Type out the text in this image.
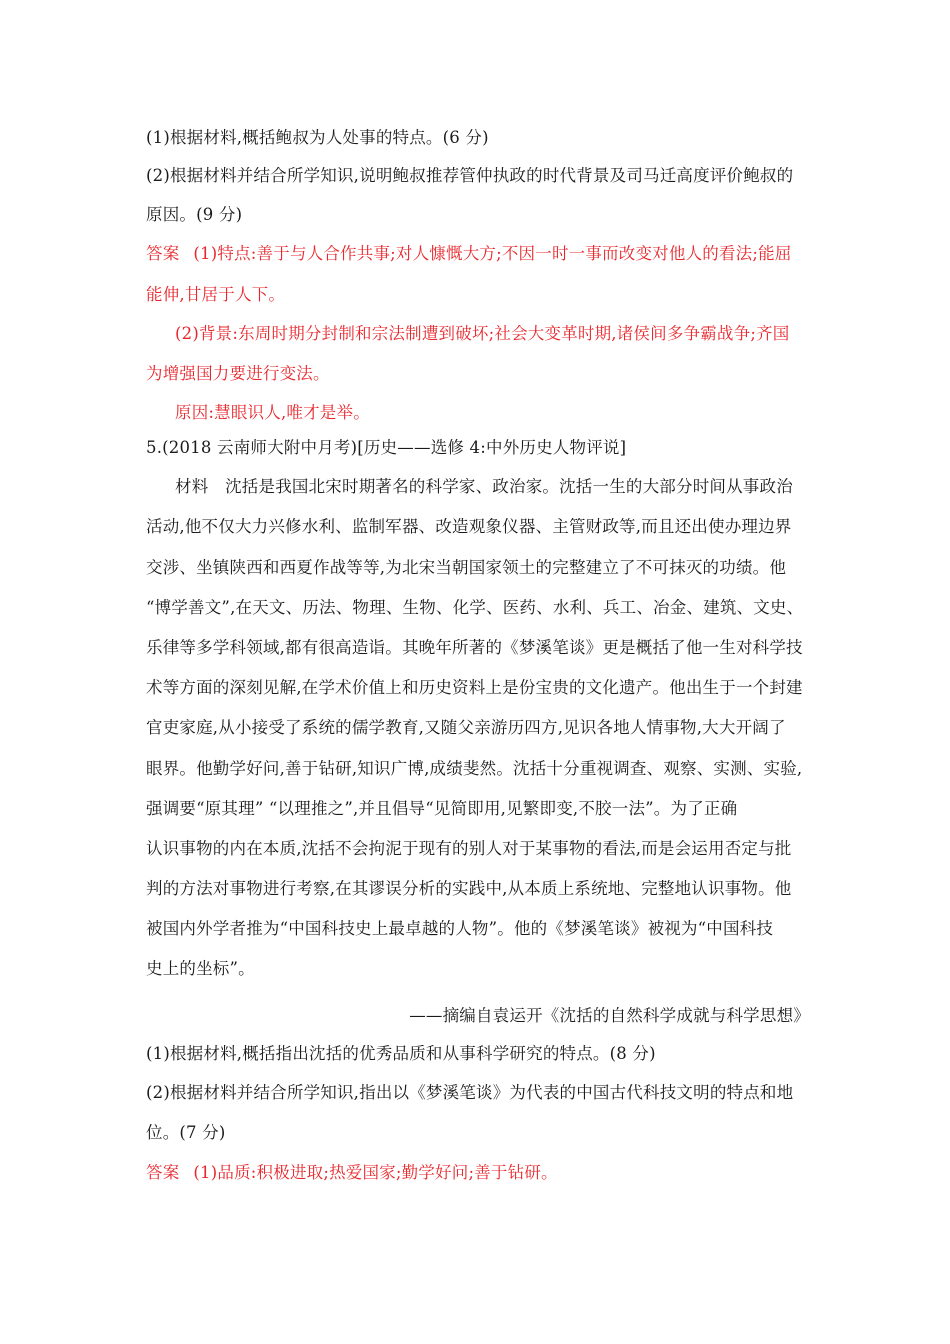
(1)根据材料,概括鲍叔为人处事的特点。(6 分)
(2)根据材料并结合所学知识,说明鲍叔推荐管仲执政的时代背景及司马迁高度评价鲍叔的
原因。(9 分)
答案 (1)特点:善于与人合作共事;对人慷慨大方;不因一时一事而改变对他人的看法;能屈
能伸,甘居于人下。
(2)背景:东周时期分封制和宗法制遭到破坏;社会大变革时期,诸侯间多争霸战争;齐国
为增强国力要进行变法。
原因:慧眼识人,唯才是举。
5.(2018 云南师大附中月考)[历史——选修 4:中外历史人物评说]
材料　沈括是我国北宋时期著名的科学家、政治家。沈括一生的大部分时间从事政治
活动,他不仅大力兴修水利、监制军器、改造观象仪器、主管财政等,而且还出使办理边界
交涉、坐镇陕西和西夏作战等等,为北宋当朝国家领土的完整建立了不可抹灭的功绩。他
“博学善文”,在天文、历法、物理、生物、化学、医药、水利、兵工、冶金、建筑、文史、
乐律等多学科领域,都有很高造诣。其晚年所著的《梦溪笔谈》更是概括了他一生对科学技
术等方面的深刻见解,在学术价值上和历史资料上是份宝贵的文化遗产。他出生于一个封建
官吏家庭,从小接受了系统的儒学教育,又随父亲游历四方,见识各地人情事物,大大开阔了
眼界。他勤学好问,善于钻研,知识广博,成绩斐然。沈括十分重视调查、观察、实测、实验,
强调要“原其理” “以理推之”,并且倡导“见简即用,见繁即变,不胶一法”。为了正确
认识事物的内在本质,沈括不会拘泥于现有的别人对于某事物的看法,而是会运用否定与批
判的方法对事物进行考察,在其谬误分析的实践中,从本质上系统地、完整地认识事物。他
被国内外学者推为“中国科技史上最卓越的人物”。他的《梦溪笔谈》被视为“中国科技
史上的坐标”。
——摘编自袁运开《沈括的自然科学成就与科学思想》
(1)根据材料,概括指出沈括的优秀品质和从事科学研究的特点。(8 分)
(2)根据材料并结合所学知识,指出以《梦溪笔谈》为代表的中国古代科技文明的特点和地
位。(7 分)
答案 (1)品质:积极进取;热爱国家;勤学好问;善于钻研。
